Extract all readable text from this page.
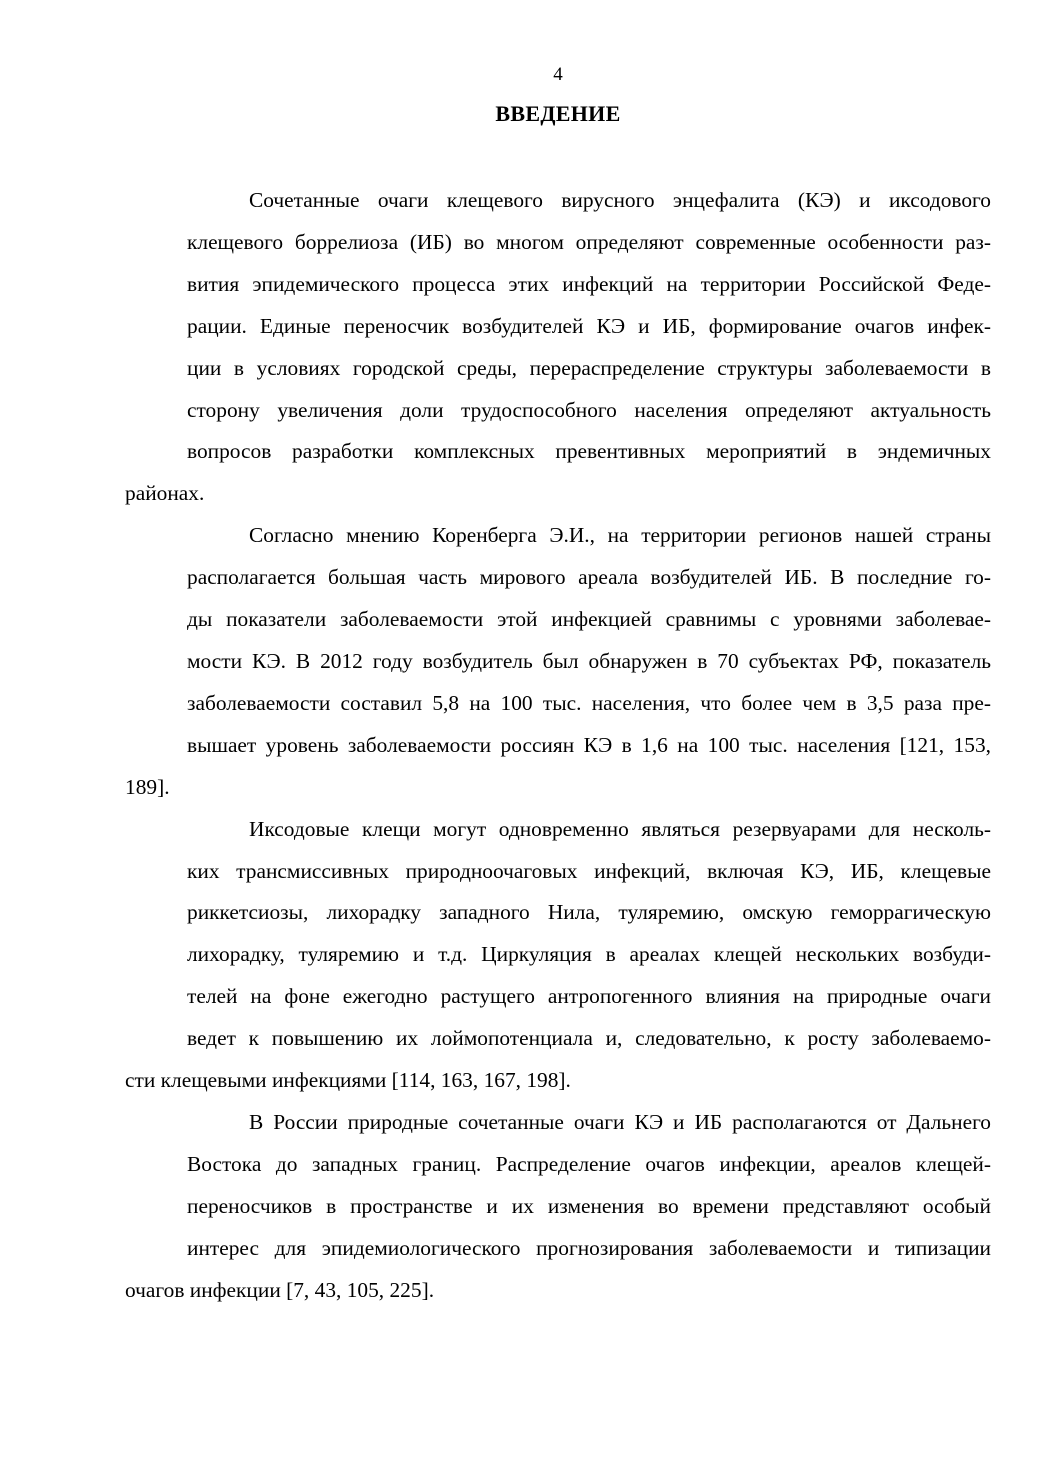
4
ВВЕДЕНИЕ

Сочетанные очаги клещевого вирусного энцефалита (КЭ) и иксодового
клещевого боррелиоза (ИБ) во многом определяют современные особенности раз-
вития эпидемического процесса этих инфекций на территории Российской Феде-
рации. Единые переносчик возбудителей КЭ и ИБ, формирование очагов инфек-
ции в условиях городской среды, перераспределение структуры заболеваемости в
сторону увеличения доли трудоспособного населения определяют актуальность
вопросов разработки комплексных превентивных мероприятий в эндемичных
районах.

Согласно мнению Коренберга Э.И., на территории регионов нашей страны
располагается большая часть мирового ареала возбудителей ИБ. В последние го-
ды показатели заболеваемости этой инфекцией сравнимы с уровнями заболевае-
мости КЭ. В 2012 году возбудитель был обнаружен в 70 субъектах РФ, показатель
заболеваемости составил 5,8 на 100 тыс. населения, что более чем в 3,5 раза пре-
вышает уровень заболеваемости россиян КЭ в 1,6 на 100 тыс. населения [121, 153,
189].

Иксодовые клещи могут одновременно являться резервуарами для несколь-
ких трансмиссивных природноочаговых инфекций, включая КЭ, ИБ, клещевые
риккетсиозы, лихорадку западного Нила, туляремию, омскую геморрагическую
лихорадку, туляремию и т.д. Циркуляция в ареалах клещей нескольких возбуди-
телей на фоне ежегодно растущего антропогенного влияния на природные очаги
ведет к повышению их лоймопотенциала и, следовательно, к росту заболеваемо-
сти клещевыми инфекциями [114, 163, 167, 198].

В России природные сочетанные очаги КЭ и ИБ располагаются от Дальнего
Востока до западных границ. Распределение очагов инфекции, ареалов клещей-
переносчиков в пространстве и их изменения во времени представляют особый
интерес для эпидемиологического прогнозирования заболеваемости и типизации
очагов инфекции [7, 43, 105, 225].
